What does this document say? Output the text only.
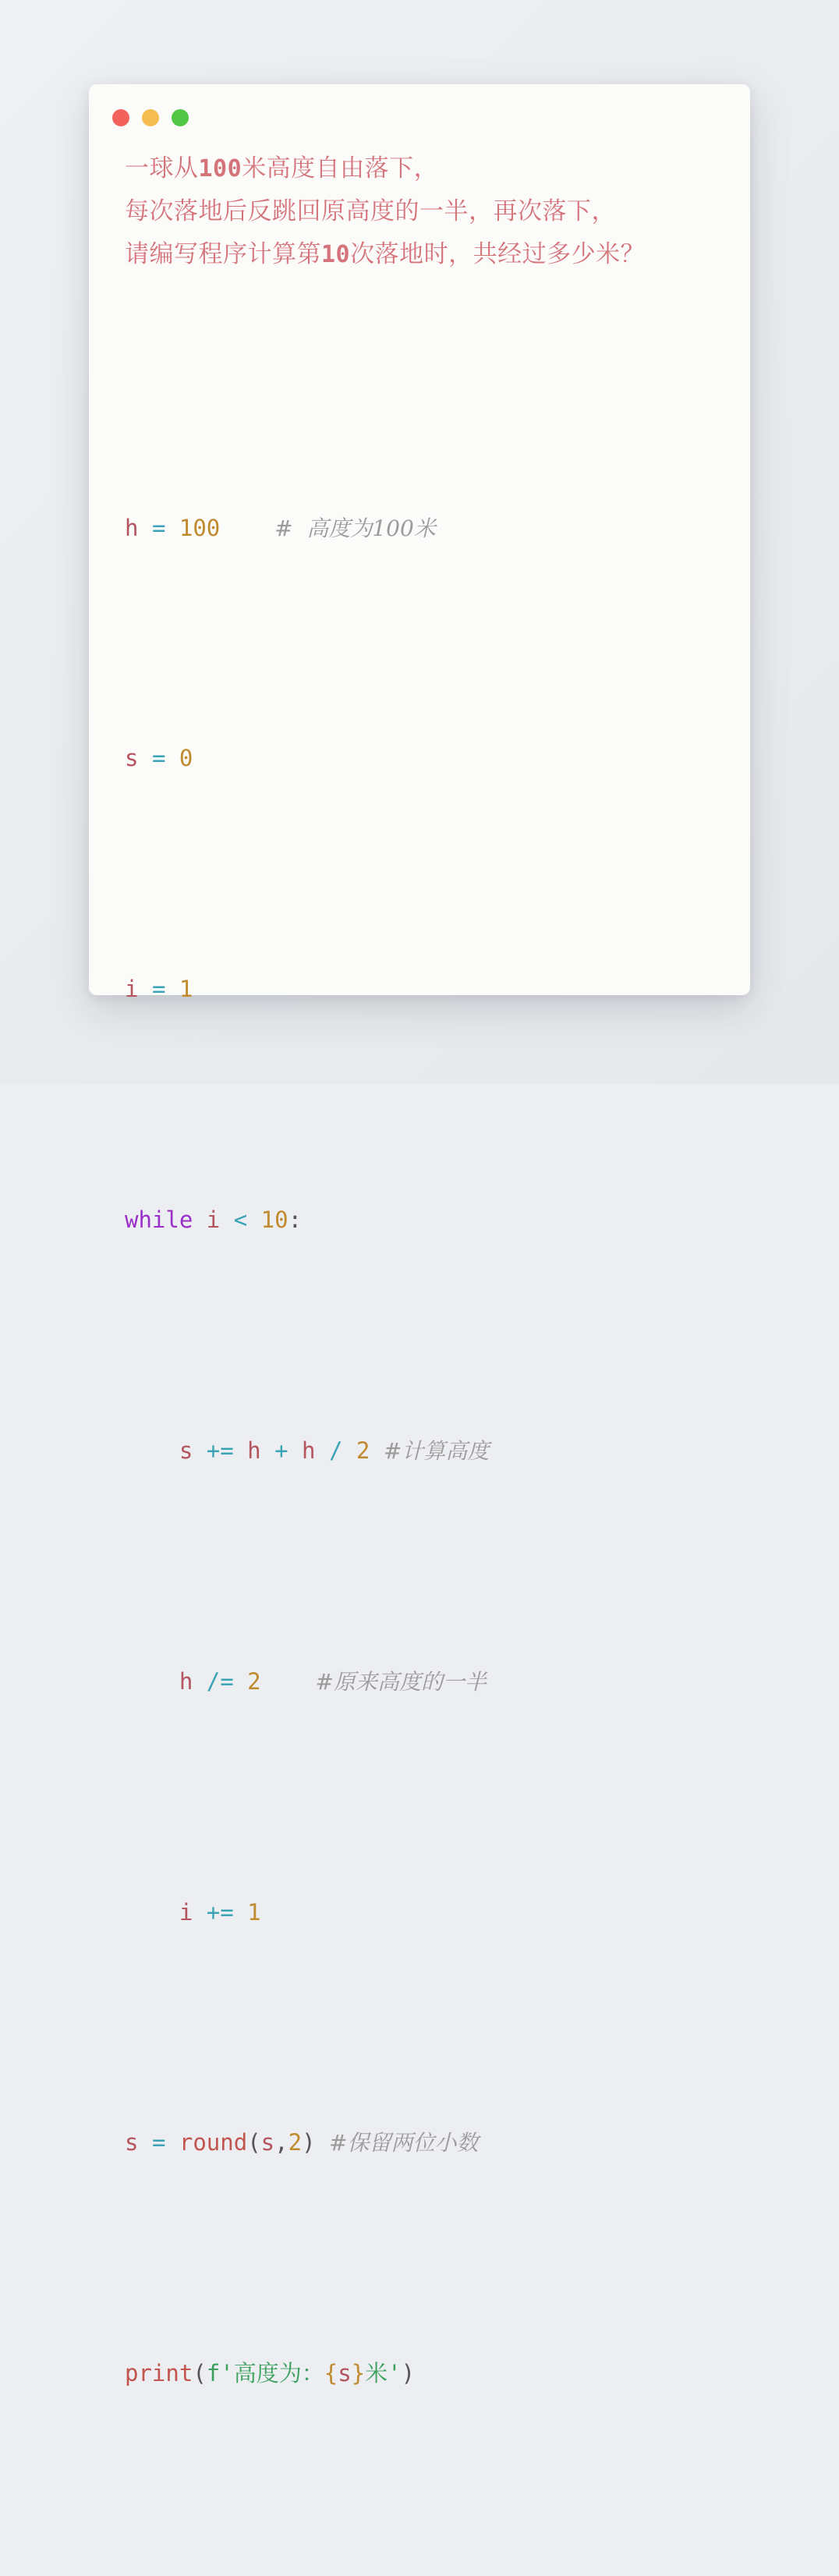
一球从100米高度自由落下，
每次落地后反跳回原高度的一半，再次落下，
请编写程序计算第10次落地时，共经过多少米？

h = 100 #  高度为100米

s = 0

i = 1

while i < 10:

s += h + h / 2 #计算高度

h /= 2 #原来高度的一半

i += 1

s = round(s,2) #保留两位小数

print(f'高度为：{s}米')
